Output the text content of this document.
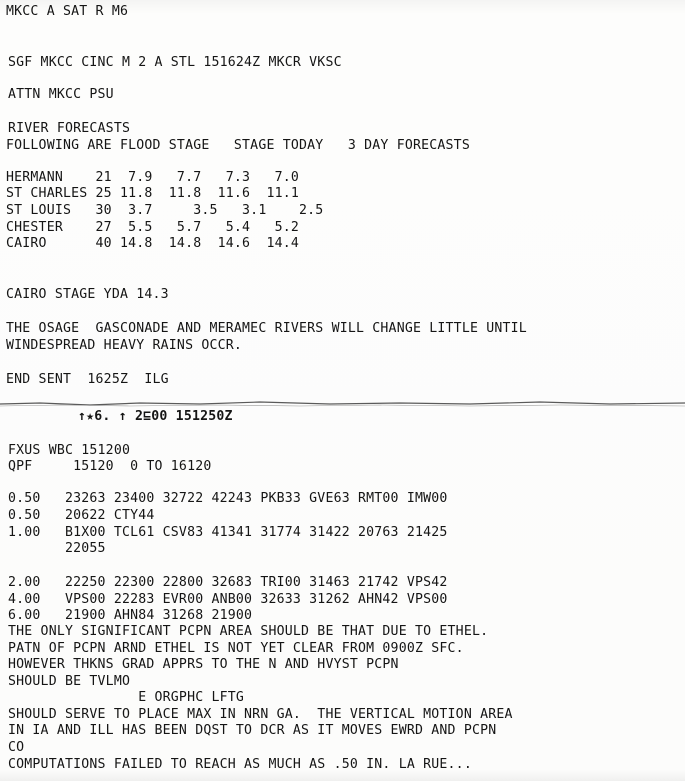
MKCC A SAT R M6
SGF MKCC CINC M 2 A STL 151624Z MKCR VKSC
ATTN MKCC PSU
RIVER FORECASTS
FOLLOWING ARE FLOOD STAGE   STAGE TODAY   3 DAY FORECASTS
HERMANN    21  7.9   7.7   7.3   7.0
ST CHARLES 25 11.8  11.8  11.6  11.1
ST LOUIS   30  3.7     3.5   3.1    2.5
CHESTER    27  5.5   5.7   5.4   5.2
CAIRO      40 14.8  14.8  14.6  14.4
CAIRO STAGE YDA 14.3
THE OSAGE  GASCONADE AND MERAMEC RIVERS WILL CHANGE LITTLE UNTIL
WINDESPREAD HEAVY RAINS OCCR.
END SENT  1625Z  ILG
↑★6. ↑ 2⊑00 151250Z
FXUS WBC 151200
QPF     15120  0 TO 16120
0.50   23263 23400 32722 42243 PKB33 GVE63 RMT00 IMW00
0.50   20622 CTY44
1.00   B1X00 TCL61 CSV83 41341 31774 31422 20763 21425
22055
2.00   22250 22300 22800 32683 TRI00 31463 21742 VPS42
4.00   VPS00 22283 EVR00 ANB00 32633 31262 AHN42 VPS00
6.00   21900 AHN84 31268 21900
THE ONLY SIGNIFICANT PCPN AREA SHOULD BE THAT DUE TO ETHEL.
PATN OF PCPN ARND ETHEL IS NOT YET CLEAR FROM 0900Z SFC.
HOWEVER THKNS GRAD APPRS TO THE N AND HVYST PCPN
SHOULD BE TVLMO
E ORGPHC LFTG
SHOULD SERVE TO PLACE MAX IN NRN GA.  THE VERTICAL MOTION AREA
IN IA AND ILL HAS BEEN DQST TO DCR AS IT MOVES EWRD AND PCPN
CO
COMPUTATIONS FAILED TO REACH AS MUCH AS .50 IN. LA RUE...
